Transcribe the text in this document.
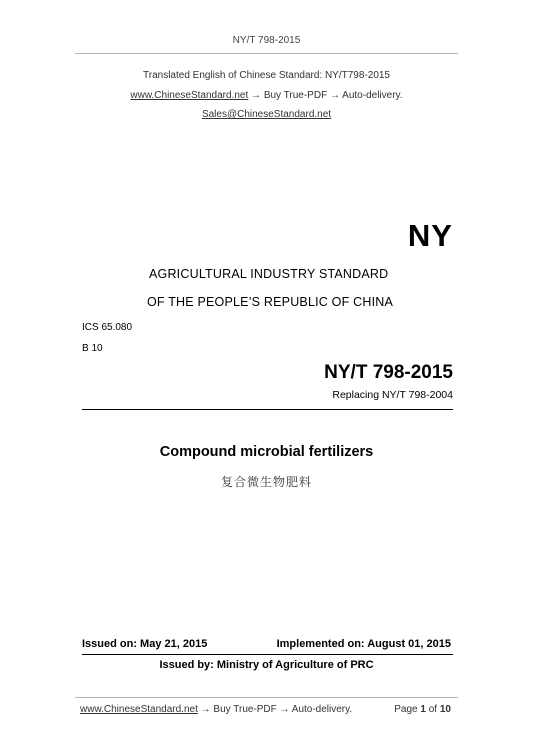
NY/T 798-2015
Translated English of Chinese Standard: NY/T798-2015
www.ChineseStandard.net → Buy True-PDF → Auto-delivery.
Sales@ChineseStandard.net
NY
AGRICULTURAL INDUSTRY STANDARD
OF THE PEOPLE’S REPUBLIC OF CHINA
ICS 65.080
B 10
NY/T 798-2015
Replacing NY/T 798-2004
Compound microbial fertilizers
复合微生物肥料
Issued on: May 21, 2015	Implemented on: August 01, 2015
Issued by: Ministry of Agriculture of PRC
www.ChineseStandard.net → Buy True-PDF → Auto-delivery.	Page 1 of 10
